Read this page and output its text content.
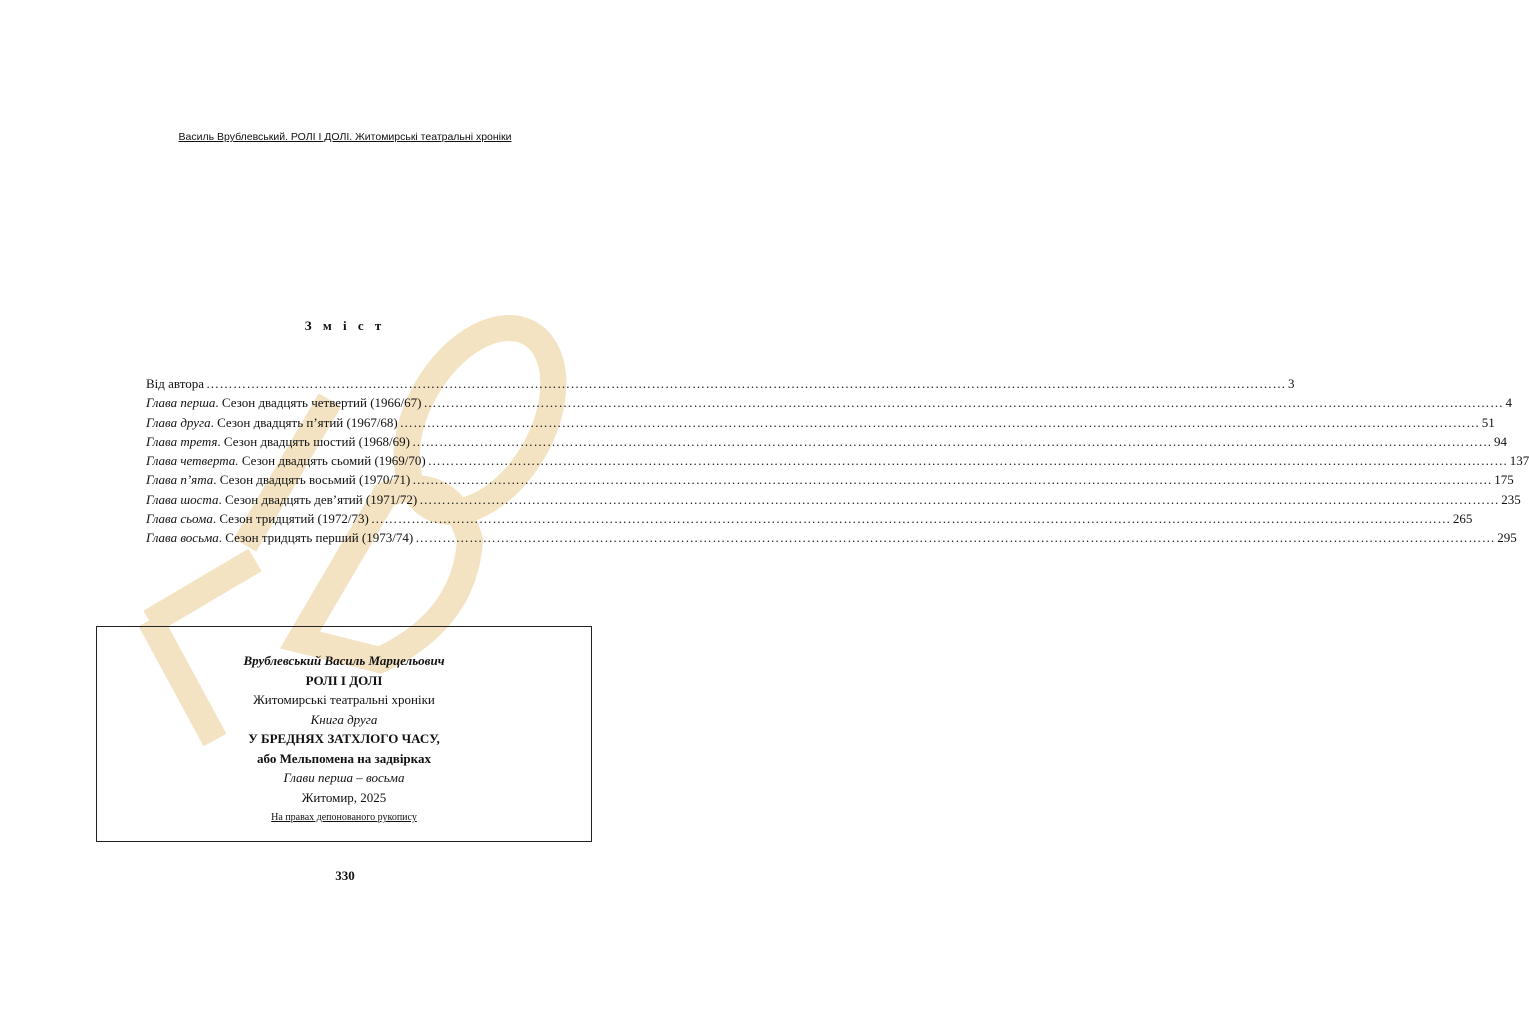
Василь Врублевський. РОЛІ І ДОЛІ. Житомирські театральні хроніки
З м і с т
Від автора …………………………………………………………………………………………………………………………………………………………………………………………………………………… 3
Глава перша. Сезон двадцять четвертий (1966/67) …………………………………………………………………………………………………………………………………………………………………………………………………………………… 4
Глава друга. Сезон двадцять п’ятий (1967/68) …………………………………………………………………………………………………………………………………………………………………………………………………………………… 51
Глава третя. Сезон двадцять шостий (1968/69) …………………………………………………………………………………………………………………………………………………………………………………………………………………… 94
Глава четверта. Сезон двадцять сьомий (1969/70) …………………………………………………………………………………………………………………………………………………………………………………………………………………… 137
Глава п’ята. Сезон двадцять восьмий (1970/71) …………………………………………………………………………………………………………………………………………………………………………………………………………………… 175
Глава шоста. Сезон двадцять дев’ятий (1971/72) …………………………………………………………………………………………………………………………………………………………………………………………………………………… 235
Глава сьома. Сезон тридцятий (1972/73) …………………………………………………………………………………………………………………………………………………………………………………………………………………… 265
Глава восьма. Сезон тридцять перший (1973/74) …………………………………………………………………………………………………………………………………………………………………………………………………………………… 295
Врублевський Василь Марцельович
РОЛІ І ДОЛІ
Житомирські театральні хроніки
Книга друга
У БРЕДНЯХ ЗАТХЛОГО ЧАСУ,
або Мельпомена на задвірках
Глави перша – восьма
Житомир, 2025
На правах депонованого рукопису
330
